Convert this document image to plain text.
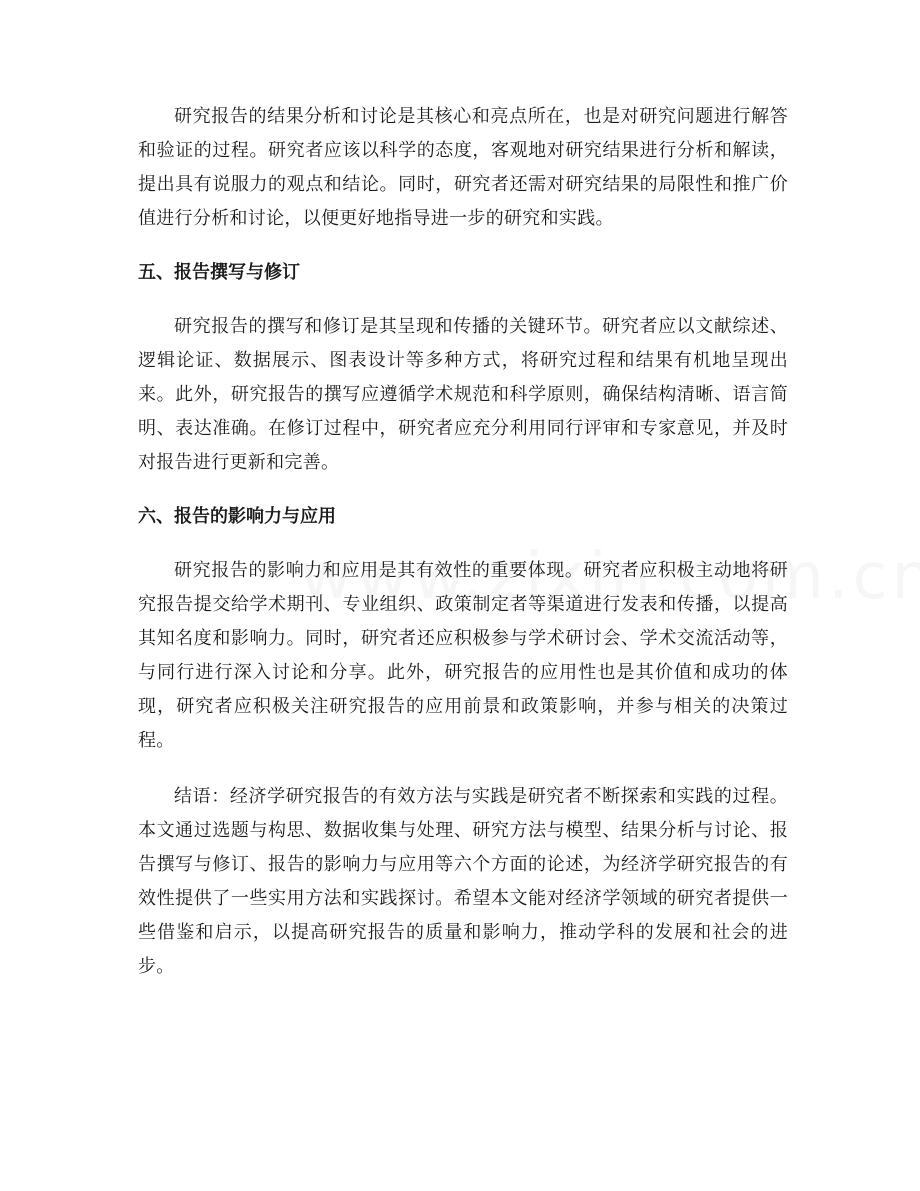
研究报告的结果分析和讨论是其核心和亮点所在，也是对研究问题进行解答和验证的过程。研究者应该以科学的态度，客观地对研究结果进行分析和解读，提出具有说服力的观点和结论。同时，研究者还需对研究结果的局限性和推广价值进行分析和讨论，以便更好地指导进一步的研究和实践。

五、报告撰写与修订

研究报告的撰写和修订是其呈现和传播的关键环节。研究者应以文献综述、逻辑论证、数据展示、图表设计等多种方式，将研究过程和结果有机地呈现出来。此外，研究报告的撰写应遵循学术规范和科学原则，确保结构清晰、语言简明、表达准确。在修订过程中，研究者应充分利用同行评审和专家意见，并及时对报告进行更新和完善。

六、报告的影响力与应用

研究报告的影响力和应用是其有效性的重要体现。研究者应积极主动地将研究报告提交给学术期刊、专业组织、政策制定者等渠道进行发表和传播，以提高其知名度和影响力。同时，研究者还应积极参与学术研讨会、学术交流活动等，与同行进行深入讨论和分享。此外，研究报告的应用性也是其价值和成功的体现，研究者应积极关注研究报告的应用前景和政策影响，并参与相关的决策过程。

结语：经济学研究报告的有效方法与实践是研究者不断探索和实践的过程。本文通过选题与构思、数据收集与处理、研究方法与模型、结果分析与讨论、报告撰写与修订、报告的影响力与应用等六个方面的论述，为经济学研究报告的有效性提供了一些实用方法和实践探讨。希望本文能对经济学领域的研究者提供一些借鉴和启示，以提高研究报告的质量和影响力，推动学科的发展和社会的进步。
